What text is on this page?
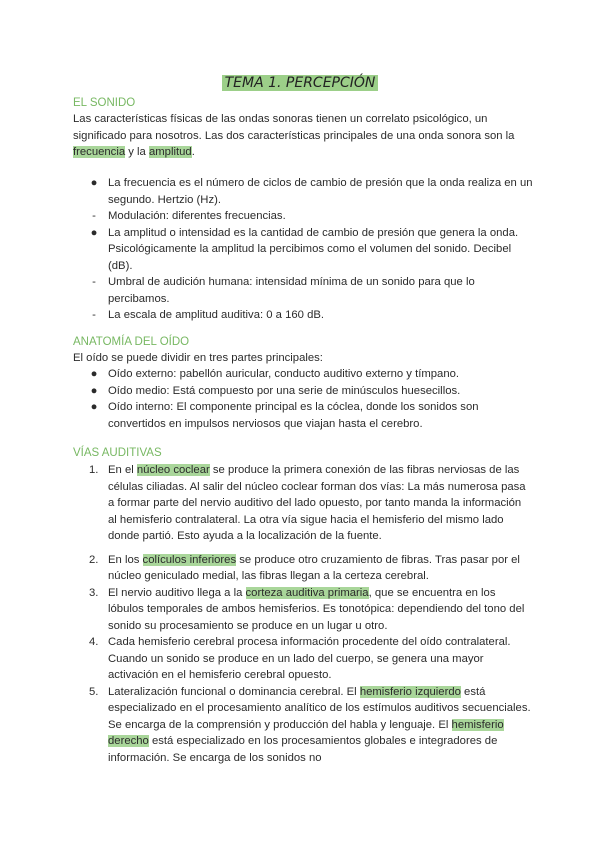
TEMA 1. PERCEPCIÓN
EL SONIDO
Las características físicas de las ondas sonoras tienen un correlato psicológico, un significado para nosotros. Las dos características principales de una onda sonora son la frecuencia y la amplitud.
● La frecuencia es el número de ciclos de cambio de presión que la onda realiza en un segundo. Hertzio (Hz).
-	Modulación: diferentes frecuencias.
● La amplitud o intensidad es la cantidad de cambio de presión que genera la onda. Psicológicamente la amplitud la percibimos como el volumen del sonido. Decibel (dB).
-	Umbral de audición humana: intensidad mínima de un sonido para que lo percibamos.
-	La escala de amplitud auditiva: 0 a 160 dB.
ANATOMÍA DEL OÍDO
El oído se puede dividir en tres partes principales:
● Oído externo: pabellón auricular, conducto auditivo externo y tímpano.
● Oído medio: Está compuesto por una serie de minúsculos huesecillos.
● Oído interno: El componente principal es la cóclea, donde los sonidos son convertidos en impulsos nerviosos que viajan hasta el cerebro.
VÍAS AUDITIVAS
1. En el núcleo coclear se produce la primera conexión de las fibras nerviosas de las células ciliadas. Al salir del núcleo coclear forman dos vías: La más numerosa pasa a formar parte del nervio auditivo del lado opuesto, por tanto manda la información al hemisferio contralateral. La otra vía sigue hacia el hemisferio del mismo lado donde partió. Esto ayuda a la localización de la fuente.
2. En los colículos inferiores se produce otro cruzamiento de fibras. Tras pasar por el núcleo geniculado medial, las fibras llegan a la certeza cerebral.
3. El nervio auditivo llega a la corteza auditiva primaria, que se encuentra en los lóbulos temporales de ambos hemisferios. Es tonotópica: dependiendo del tono del sonido su procesamiento se produce en un lugar u otro.
4. Cada hemisferio cerebral procesa información procedente del oído contralateral. Cuando un sonido se produce en un lado del cuerpo, se genera una mayor activación en el hemisferio cerebral opuesto.
5. Lateralización funcional o dominancia cerebral. El hemisferio izquierdo está especializado en el procesamiento analítico de los estímulos auditivos secuenciales. Se encarga de la comprensión y producción del habla y lenguaje. El hemisferio derecho está especializado en los procesamientos globales e integradores de información. Se encarga de los sonidos no
